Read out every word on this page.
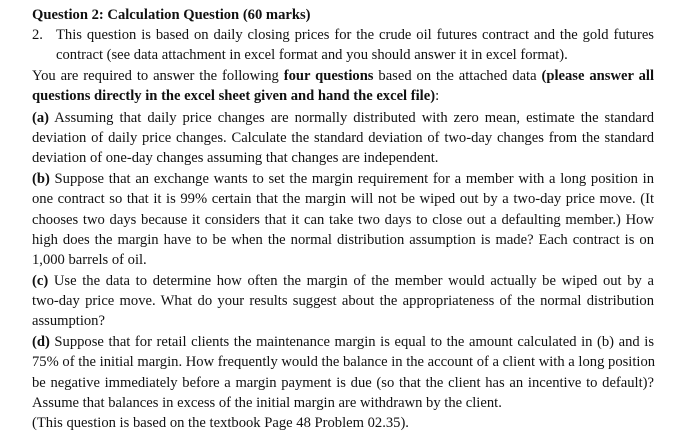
Question 2: Calculation Question (60 marks)
2. This question is based on daily closing prices for the crude oil futures contract and the gold futures
contract (see data attachment in excel format and you should answer it in excel format).
You are required to answer the following four questions based on the attached data (please answer all
questions directly in the excel sheet given and hand the excel file):
(a) Assuming that daily price changes are normally distributed with zero mean, estimate the standard
deviation of daily price changes. Calculate the standard deviation of two-day changes from the standard
deviation of one-day changes assuming that changes are independent.
(b) Suppose that an exchange wants to set the margin requirement for a member with a long position in
one contract so that it is 99% certain that the margin will not be wiped out by a two-day price move. (It
chooses two days because it considers that it can take two days to close out a defaulting member.) How
high does the margin have to be when the normal distribution assumption is made? Each contract is on
1,000 barrels of oil.
(c) Use the data to determine how often the margin of the member would actually be wiped out by a
two-day price move. What do your results suggest about the appropriateness of the normal distribution
assumption?
(d) Suppose that for retail clients the maintenance margin is equal to the amount calculated in (b) and is
75% of the initial margin. How frequently would the balance in the account of a client with a long position
be negative immediately before a margin payment is due (so that the client has an incentive to default)?
Assume that balances in excess of the initial margin are withdrawn by the client.
(This question is based on the textbook Page 48 Problem 02.35).
